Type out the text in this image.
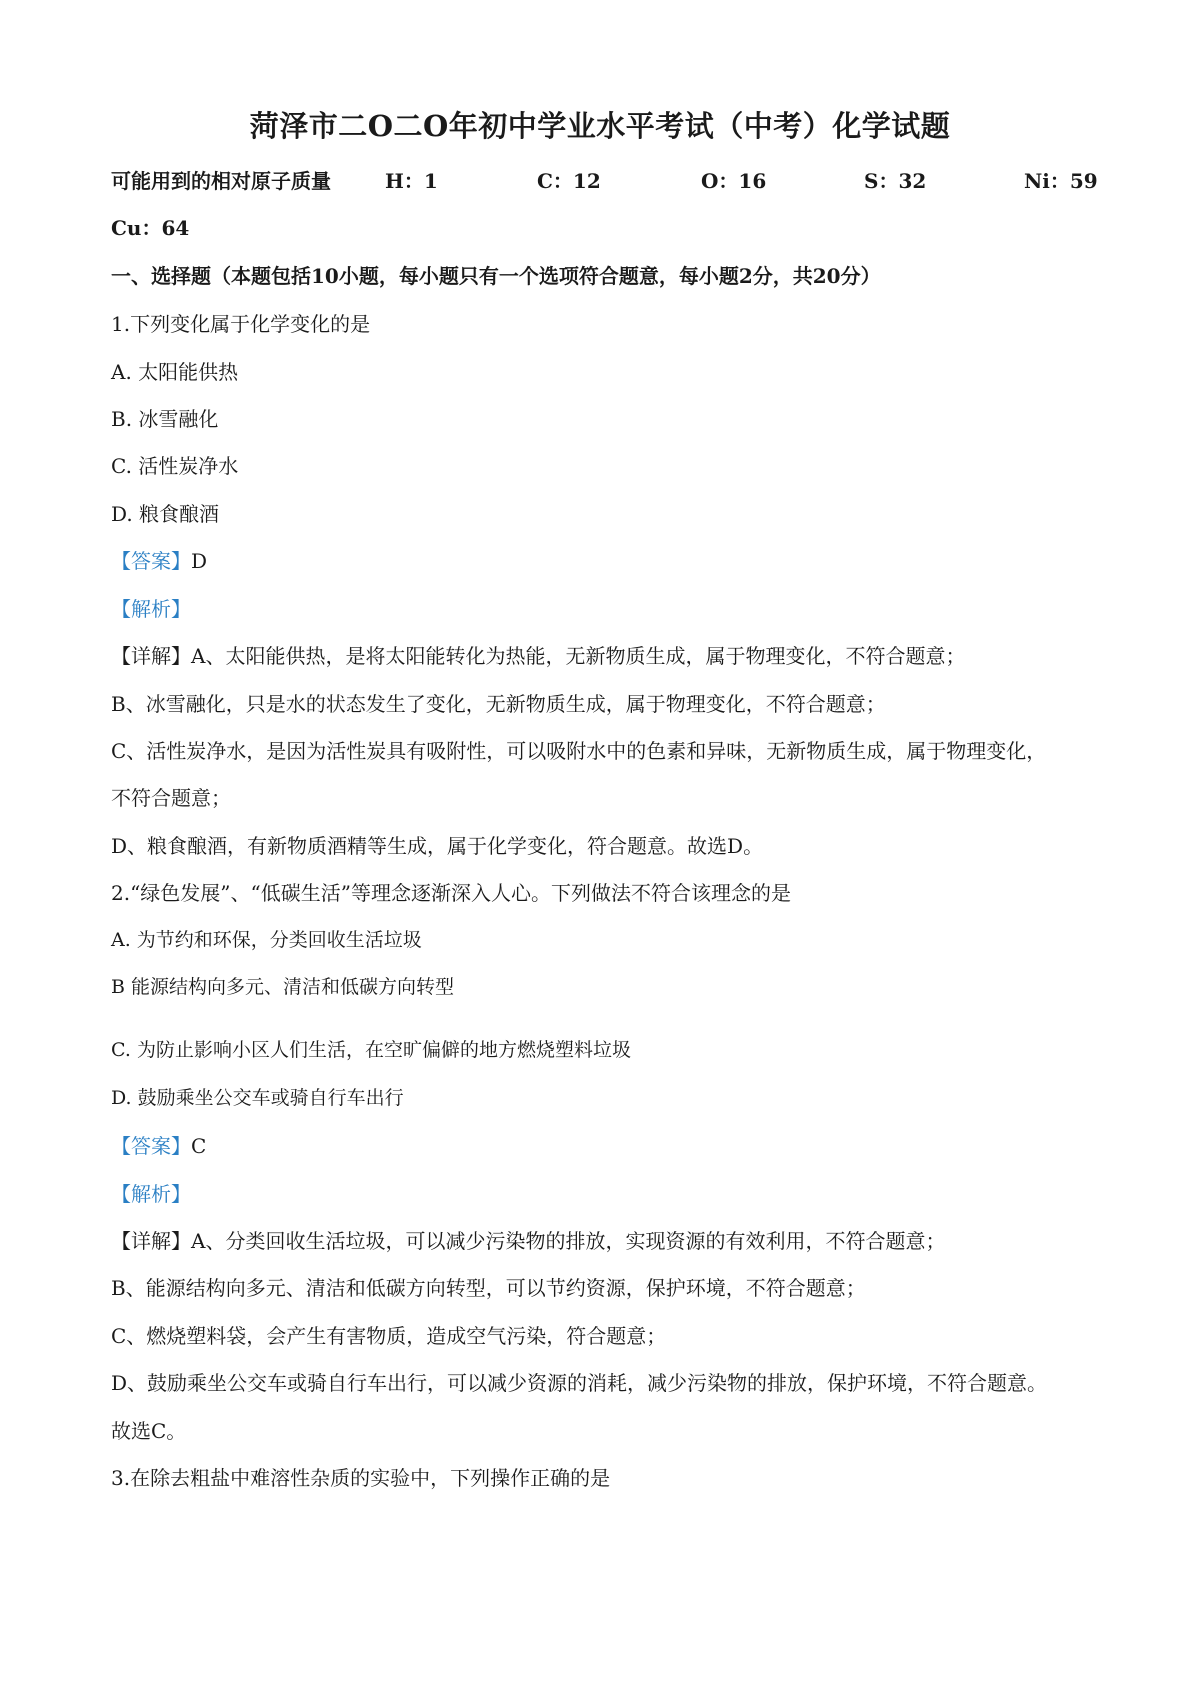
菏泽市二O二O年初中学业水平考试（中考）化学试题
可能用到的相对原子质量	H：1	C：12	O：16	S：32	Ni：59
Cu：64
一、选择题（本题包括10小题，每小题只有一个选项符合题意，每小题2分，共20分）
1.下列变化属于化学变化的是
A. 太阳能供热
B. 冰雪融化
C. 活性炭净水
D. 粮食酿酒
【答案】D
【解析】
【详解】A、太阳能供热，是将太阳能转化为热能，无新物质生成，属于物理变化，不符合题意；
B、冰雪融化，只是水的状态发生了变化，无新物质生成，属于物理变化，不符合题意；
C、活性炭净水，是因为活性炭具有吸附性，可以吸附水中的色素和异味，无新物质生成，属于物理变化，
不符合题意；
D、粮食酿酒，有新物质酒精等生成，属于化学变化，符合题意。故选D。
2.“绿色发展”、“低碳生活”等理念逐渐深入人心。下列做法不符合该理念的是
A. 为节约和环保，分类回收生活垃圾
B 能源结构向多元、清洁和低碳方向转型
C. 为防止影响小区人们生活，在空旷偏僻的地方燃烧塑料垃圾
D. 鼓励乘坐公交车或骑自行车出行
【答案】C
【解析】
【详解】A、分类回收生活垃圾，可以减少污染物的排放，实现资源的有效利用，不符合题意；
B、能源结构向多元、清洁和低碳方向转型，可以节约资源，保护环境，不符合题意；
C、燃烧塑料袋，会产生有害物质，造成空气污染，符合题意；
D、鼓励乘坐公交车或骑自行车出行，可以减少资源的消耗，减少污染物的排放，保护环境，不符合题意。
故选C。
3.在除去粗盐中难溶性杂质的实验中，下列操作正确的是
